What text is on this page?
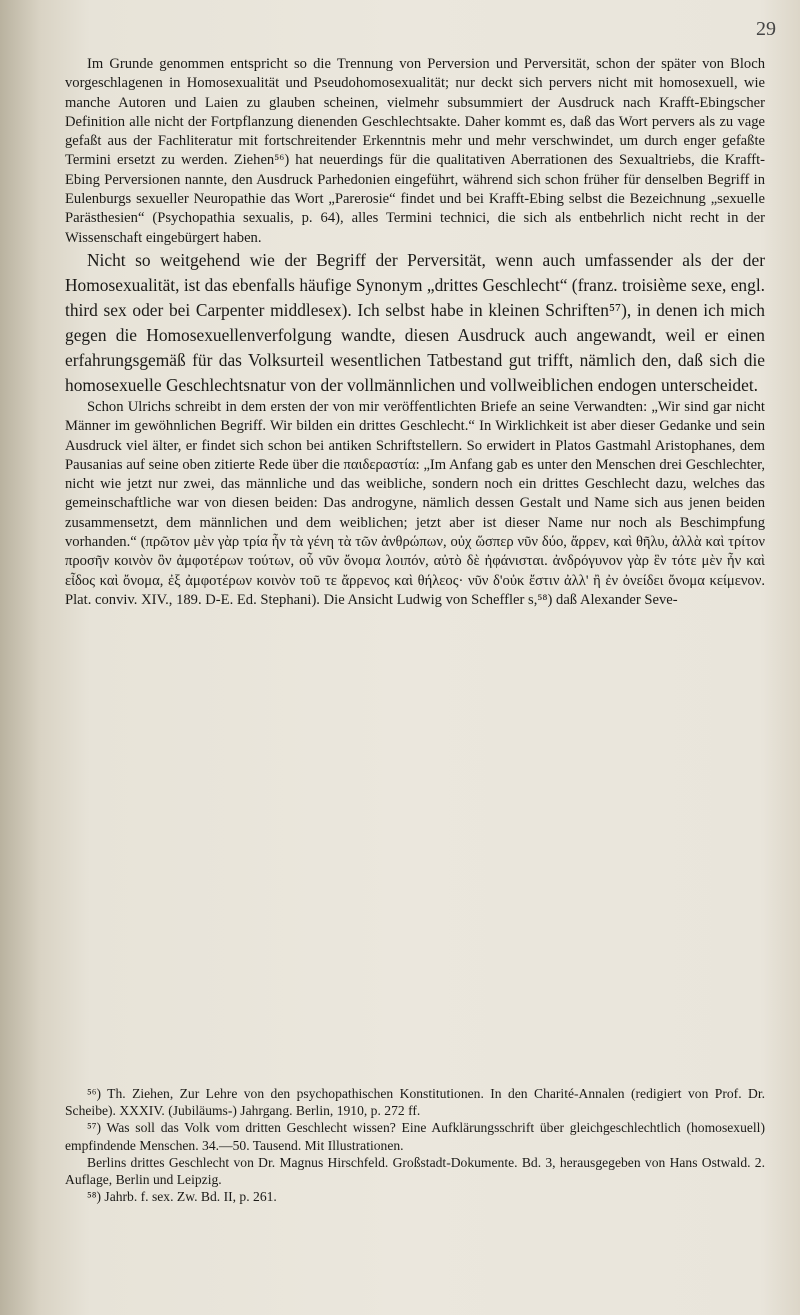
29

Im Grunde genommen entspricht so die Trennung von Perversion und Perversität, schon der später von Bloch vorgeschlagenen in Homosexualität und Pseudohomosexualität; nur deckt sich pervers nicht mit homosexuell, wie manche Autoren und Laien zu glauben scheinen, vielmehr subsummiert der Ausdruck nach Krafft-Ebingscher Definition alle nicht der Fortpflanzung dienenden Geschlechtsakte. Daher kommt es, daß das Wort pervers als zu vage gefaßt aus der Fachliteratur mit fortschreitender Erkenntnis mehr und mehr verschwindet, um durch enger gefaßte Termini ersetzt zu werden. Ziehen⁵⁶) hat neuerdings für die qualitativen Aberrationen des Sexualtriebs, die Krafft-Ebing Perversionen nannte, den Ausdruck Parhedonien eingeführt, während sich schon früher für denselben Begriff in Eulenburgs sexueller Neuropathie das Wort „Parerosie“ findet und bei Krafft-Ebing selbst die Bezeichnung „sexuelle Parästhesien“ (Psychopathia sexualis, p. 64), alles Termini technici, die sich als entbehrlich nicht recht in der Wissenschaft eingebürgert haben.

Nicht so weitgehend wie der Begriff der Perversität, wenn auch umfassender als der der Homosexualität, ist das ebenfalls häufige Synonym „drittes Geschlecht“ (franz. troisième sexe, engl. third sex oder bei Carpenter middlesex). Ich selbst habe in kleinen Schriften⁵⁷), in denen ich mich gegen die Homosexuellenverfolgung wandte, diesen Ausdruck auch angewandt, weil er einen erfahrungsgemäß für das Volksurteil wesentlichen Tatbestand gut trifft, nämlich den, daß sich die homosexuelle Geschlechtsnatur von der vollmännlichen und vollweiblichen endogen unterscheidet.

Schon Ulrichs schreibt in dem ersten der von mir veröffentlichten Briefe an seine Verwandten: „Wir sind gar nicht Männer im gewöhnlichen Begriff. Wir bilden ein drittes Geschlecht.“ In Wirklichkeit ist aber dieser Gedanke und sein Ausdruck viel älter, er findet sich schon bei antiken Schriftstellern. So erwidert in Platos Gastmahl Aristophanes, dem Pausanias auf seine oben zitierte Rede über die παιδεραστία: „Im Anfang gab es unter den Menschen drei Geschlechter, nicht wie jetzt nur zwei, das männliche und das weibliche, sondern noch ein drittes Geschlecht dazu, welches das gemeinschaftliche war von diesen beiden: Das androgyne, nämlich dessen Gestalt und Name sich aus jenen beiden zusammensetzt, dem männlichen und dem weiblichen; jetzt aber ist dieser Name nur noch als Beschimpfung vorhanden.“ (πρῶτον μὲν γὰρ τρία ἦν τὰ γένη τὰ τῶν ἀνθρώπων, οὐχ ὥσπερ νῦν δύο, ἄρρεν, καὶ θῆλυ, ἀλλὰ καὶ τρίτον προσῆν κοινὸν ὂν ἀμφοτέρων τούτων, οὗ νῦν ὄνομα λοιπόν, αὐτὸ δὲ ἠφάνισται. ἀνδρόγυνον γὰρ ἓν τότε μὲν ἦν καὶ εἶδος καὶ ὄνομα, ἐξ ἀμφοτέρων κοινὸν τοῦ τε ἄρρενος καὶ θήλεος· νῦν δ'οὐκ ἔστιν ἀλλ' ἢ ἐν ὀνείδει ὄνομα κείμενον. Plat. conviv. XIV., 189. D-E. Ed. Stephani). Die Ansicht Ludwig von Scheffler s,⁵⁸) daß Alexander Seve-

⁵⁶) Th. Ziehen, Zur Lehre von den psychopathischen Konstitutionen. In den Charité-Annalen (redigiert von Prof. Dr. Scheibe). XXXIV. (Jubiläums-) Jahrgang. Berlin, 1910, p. 272 ff.

⁵⁷) Was soll das Volk vom dritten Geschlecht wissen? Eine Aufklärungsschrift über gleichgeschlechtlich (homosexuell) empfindende Menschen. 34.—50. Tausend. Mit Illustrationen.

Berlins drittes Geschlecht von Dr. Magnus Hirschfeld. Großstadt-Dokumente. Bd. 3, herausgegeben von Hans Ostwald. 2. Auflage, Berlin und Leipzig.

⁵⁸) Jahrb. f. sex. Zw. Bd. II, p. 261.
